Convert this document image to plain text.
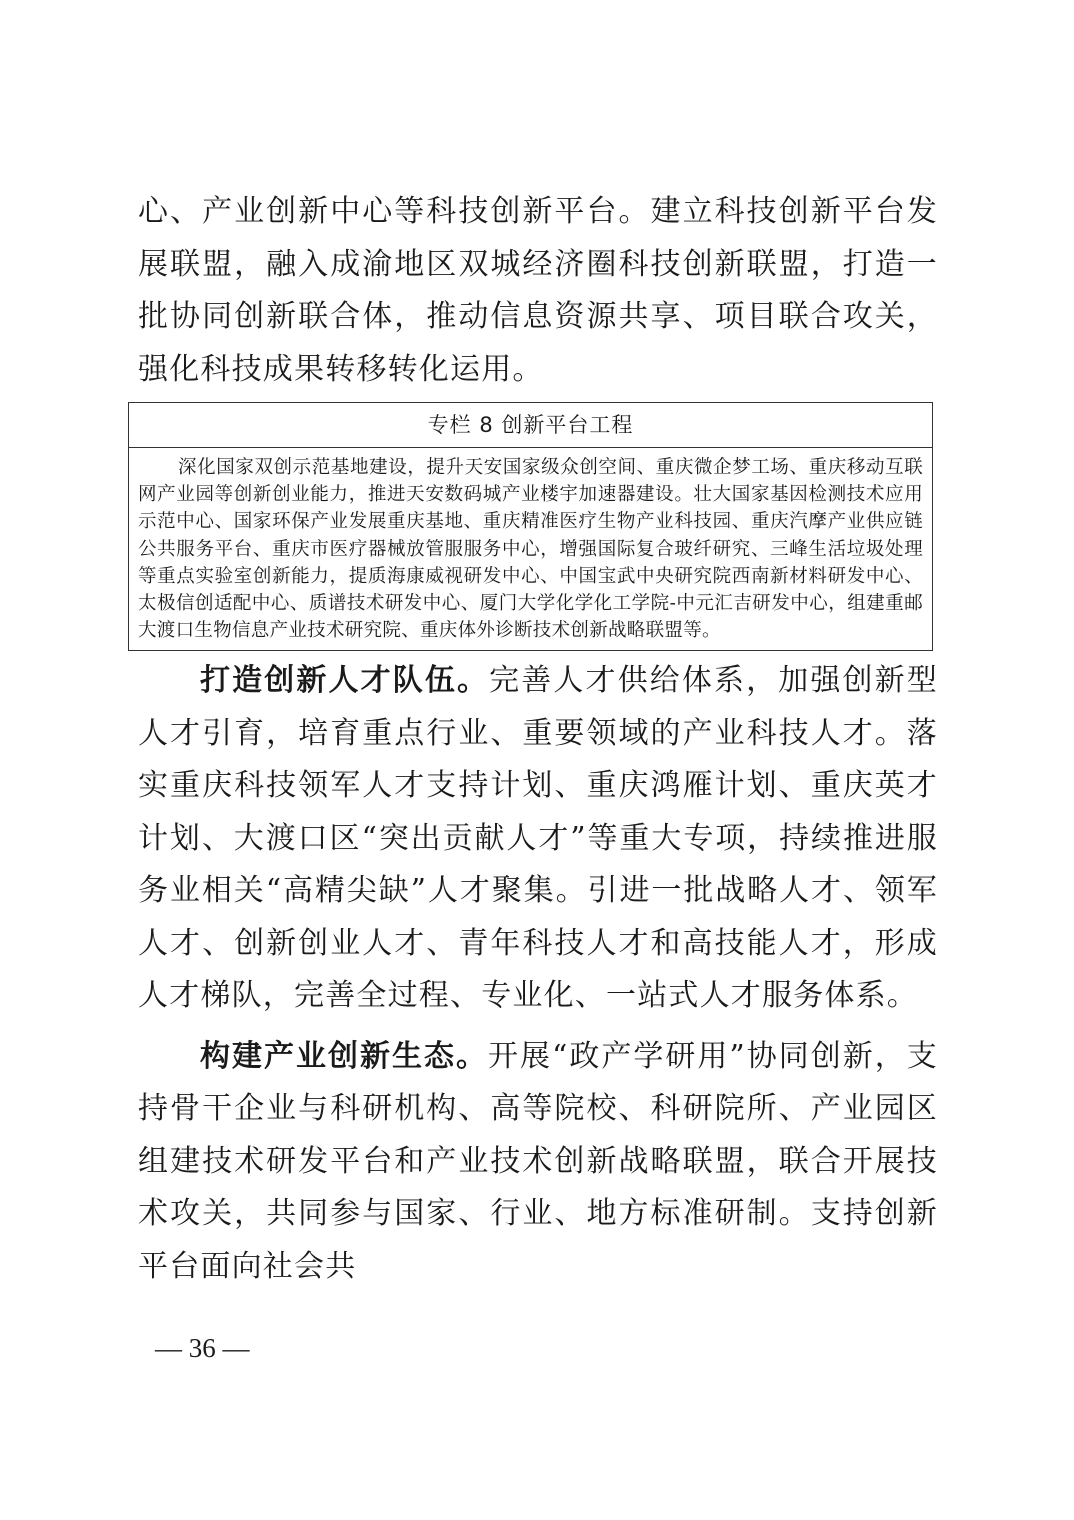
心、产业创新中心等科技创新平台。建立科技创新平台发展联盟，融入成渝地区双城经济圈科技创新联盟，打造一批协同创新联合体，推动信息资源共享、项目联合攻关，强化科技成果转移转化运用。

专栏 8 创新平台工程

深化国家双创示范基地建设，提升天安国家级众创空间、重庆微企梦工场、重庆移动互联网产业园等创新创业能力，推进天安数码城产业楼宇加速器建设。壮大国家基因检测技术应用示范中心、国家环保产业发展重庆基地、重庆精准医疗生物产业科技园、重庆汽摩产业供应链公共服务平台、重庆市医疗器械放管服服务中心，增强国际复合玻纤研究、三峰生活垃圾处理等重点实验室创新能力，提质海康威视研发中心、中国宝武中央研究院西南新材料研发中心、太极信创适配中心、质谱技术研发中心、厦门大学化学化工学院-中元汇吉研发中心，组建重邮大渡口生物信息产业技术研究院、重庆体外诊断技术创新战略联盟等。

打造创新人才队伍。完善人才供给体系，加强创新型人才引育，培育重点行业、重要领域的产业科技人才。落实重庆科技领军人才支持计划、重庆鸿雁计划、重庆英才计划、大渡口区“突出贡献人才”等重大专项，持续推进服务业相关“高精尖缺”人才聚集。引进一批战略人才、领军人才、创新创业人才、青年科技人才和高技能人才，形成人才梯队，完善全过程、专业化、一站式人才服务体系。

构建产业创新生态。开展“政产学研用”协同创新，支持骨干企业与科研机构、高等院校、科研院所、产业园区组建技术研发平台和产业技术创新战略联盟，联合开展技术攻关，共同参与国家、行业、地方标准研制。支持创新平台面向社会共

— 36 —
